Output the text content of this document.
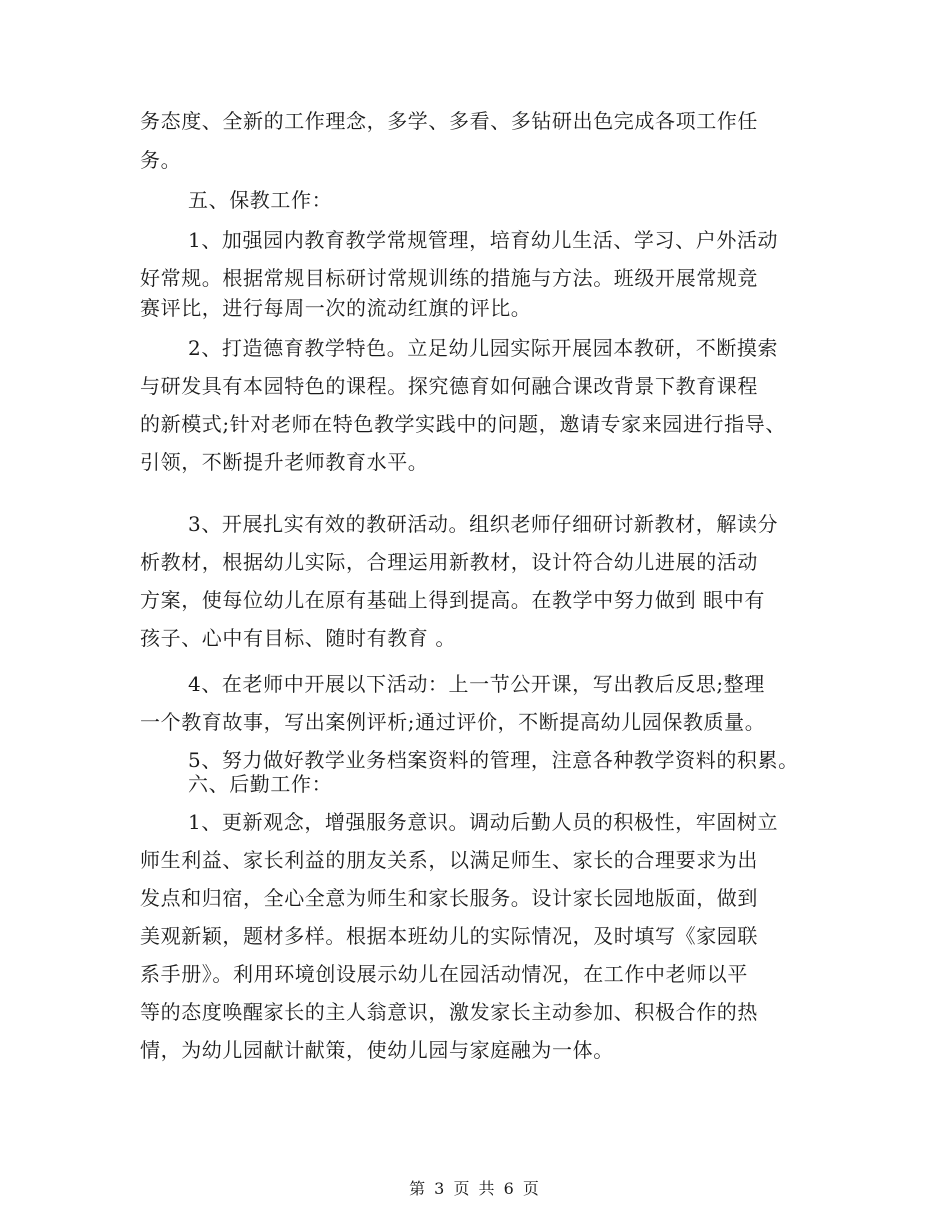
务态度、全新的工作理念，多学、多看、多钻研出色完成各项工作任

务。

五、保教工作：

1、加强园内教育教学常规管理，培育幼儿生活、学习、户外活动

好常规。根据常规目标研讨常规训练的措施与方法。班级开展常规竞

赛评比，进行每周一次的流动红旗的评比。

2、打造德育教学特色。立足幼儿园实际开展园本教研，不断摸索

与研发具有本园特色的课程。探究德育如何融合课改背景下教育课程

的新模式;针对老师在特色教学实践中的问题，邀请专家来园进行指导、

引领，不断提升老师教育水平。

3、开展扎实有效的教研活动。组织老师仔细研讨新教材，解读分

析教材，根据幼儿实际，合理运用新教材，设计符合幼儿进展的活动

方案，使每位幼儿在原有基础上得到提高。在教学中努力做到 眼中有

孩子、心中有目标、随时有教育 。

4、在老师中开展以下活动：上一节公开课，写出教后反思;整理

一个教育故事，写出案例评析;通过评价，不断提高幼儿园保教质量。

5、努力做好教学业务档案资料的管理，注意各种教学资料的积累。

六、后勤工作：

1、更新观念，增强服务意识。调动后勤人员的积极性，牢固树立

师生利益、家长利益的朋友关系，以满足师生、家长的合理要求为出

发点和归宿，全心全意为师生和家长服务。设计家长园地版面，做到

美观新颖，题材多样。根据本班幼儿的实际情况，及时填写《家园联

系手册》。利用环境创设展示幼儿在园活动情况，在工作中老师以平

等的态度唤醒家长的主人翁意识，激发家长主动参加、积极合作的热

情，为幼儿园献计献策，使幼儿园与家庭融为一体。

第 3 页 共 6 页
